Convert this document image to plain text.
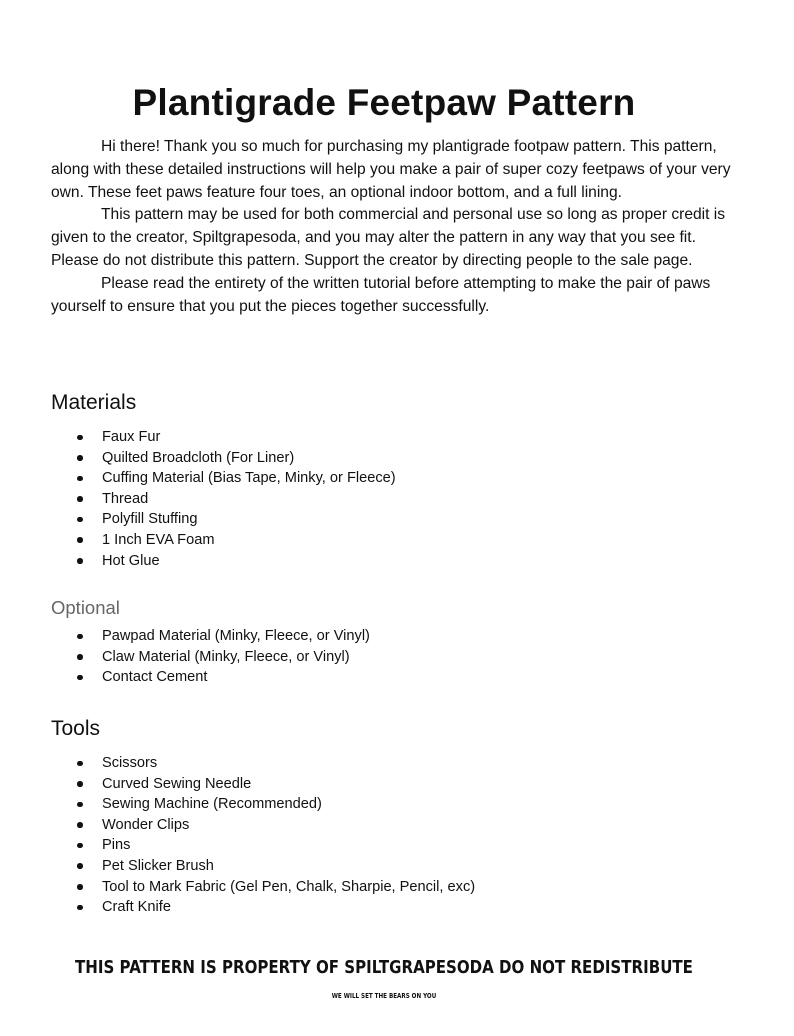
Plantigrade Feetpaw Pattern

Hi there! Thank you so much for purchasing my plantigrade footpaw pattern. This pattern, along with these detailed instructions will help you make a pair of super cozy feetpaws of your very own. These feet paws feature four toes, an optional indoor bottom, and a full lining.

This pattern may be used for both commercial and personal use so long as proper credit is given to the creator, Spiltgrapesoda, and you may alter the pattern in any way that you see fit. Please do not distribute this pattern. Support the creator by directing people to the sale page.

Please read the entirety of the written tutorial before attempting to make the pair of paws yourself to ensure that you put the pieces together successfully.

Materials
Faux Fur
Quilted Broadcloth (For Liner)
Cuffing Material (Bias Tape, Minky, or Fleece)
Thread
Polyfill Stuffing
1 Inch EVA Foam
Hot Glue
Optional
Pawpad Material (Minky, Fleece, or Vinyl)
Claw Material (Minky, Fleece, or Vinyl)
Contact Cement
Tools
Scissors
Curved Sewing Needle
Sewing Machine (Recommended)
Wonder Clips
Pins
Pet Slicker Brush
Tool to Mark Fabric (Gel Pen, Chalk, Sharpie, Pencil, exc)
Craft Knife
THIS PATTERN IS PROPERTY OF SPILTGRAPESODA DO NOT REDISTRIBUTE
WE WILL SET THE BEARS ON YOU
